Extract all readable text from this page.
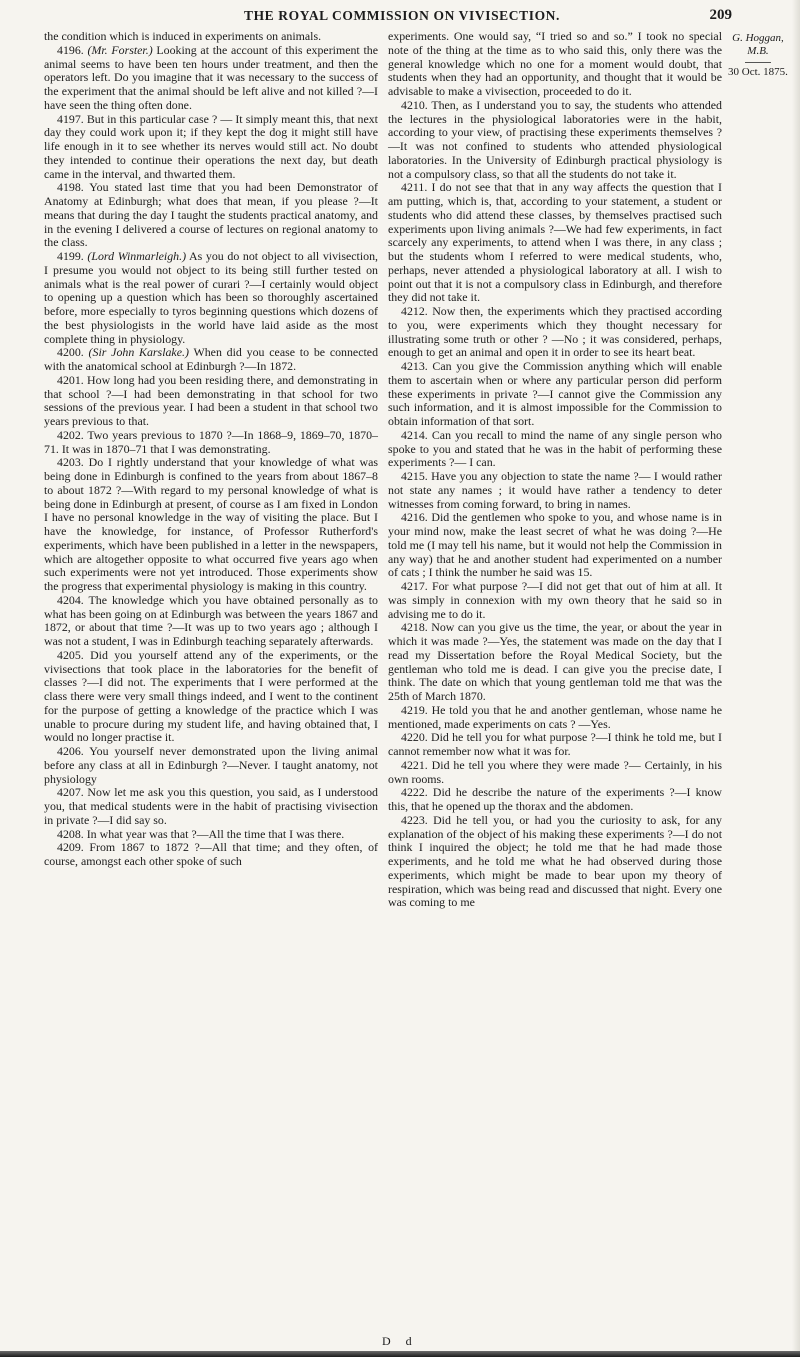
THE ROYAL COMMISSION ON VIVISECTION.	209

the condition which is induced in experiments on animals.

4196. (Mr. Forster.) Looking at the account of this experiment the animal seems to have been ten hours under treatment, and then the operators left. Do you imagine that it was necessary to the success of the experiment that the animal should be left alive and not killed ?—I have seen the thing often done.

4197. But in this particular case ? — It simply meant this, that next day they could work upon it; if they kept the dog it might still have life enough in it to see whether its nerves would still act. No doubt they intended to continue their operations the next day, but death came in the interval, and thwarted them.

4198. You stated last time that you had been Demonstrator of Anatomy at Edinburgh; what does that mean, if you please ?—It means that during the day I taught the students practical anatomy, and in the evening I delivered a course of lectures on regional anatomy to the class.

4199. (Lord Winmarleigh.) As you do not object to all vivisection, I presume you would not object to its being still further tested on animals what is the real power of curari ?—I certainly would object to opening up a question which has been so thoroughly ascertained before, more especially to tyros beginning questions which dozens of the best physiologists in the world have laid aside as the most complete thing in physiology.

4200. (Sir John Karslake.) When did you cease to be connected with the anatomical school at Edinburgh ?—In 1872.

4201. How long had you been residing there, and demonstrating in that school ?—I had been demonstrating in that school for two sessions of the previous year. I had been a student in that school two years previous to that.

4202. Two years previous to 1870 ?—In 1868–9, 1869–70, 1870–71. It was in 1870–71 that I was demonstrating.

4203. Do I rightly understand that your knowledge of what was being done in Edinburgh is confined to the years from about 1867–8 to about 1872 ?—With regard to my personal knowledge of what is being done in Edinburgh at present, of course as I am fixed in London I have no personal knowledge in the way of visiting the place. But I have the knowledge, for instance, of Professor Rutherford's experiments, which have been published in a letter in the newspapers, which are altogether opposite to what occurred five years ago when such experiments were not yet introduced. Those experiments show the progress that experimental physiology is making in this country.

4204. The knowledge which you have obtained personally as to what has been going on at Edinburgh was between the years 1867 and 1872, or about that time ?—It was up to two years ago ; although I was not a student, I was in Edinburgh teaching separately afterwards.

4205. Did you yourself attend any of the experiments, or the vivisections that took place in the laboratories for the benefit of classes ?—I did not. The experiments that I were performed at the class there were very small things indeed, and I went to the continent for the purpose of getting a knowledge of the practice which I was unable to procure during my student life, and having obtained that, I would no longer practise it.

4206. You yourself never demonstrated upon the living animal before any class at all in Edinburgh ?—Never. I taught anatomy, not physiology

4207. Now let me ask you this question, you said, as I understood you, that medical students were in the habit of practising vivisection in private ?—I did say so.

4208. In what year was that ?—All the time that I was there.

4209. From 1867 to 1872 ?—All that time; and they often, of course, amongst each other spoke of such

experiments. One would say, “I tried so and so.” I took no special note of the thing at the time as to who said this, only there was the general knowledge which no one for a moment would doubt, that students when they had an opportunity, and thought that it would be advisable to make a vivisection, proceeded to do it.

4210. Then, as I understand you to say, the students who attended the lectures in the physiological laboratories were in the habit, according to your view, of practising these experiments themselves ?—It was not confined to students who attended physiological laboratories. In the University of Edinburgh practical physiology is not a compulsory class, so that all the students do not take it.

4211. I do not see that that in any way affects the question that I am putting, which is, that, according to your statement, a student or students who did attend these classes, by themselves practised such experiments upon living animals ?—We had few experiments, in fact scarcely any experiments, to attend when I was there, in any class ; but the students whom I referred to were medical students, who, perhaps, never attended a physiological laboratory at all. I wish to point out that it is not a compulsory class in Edinburgh, and therefore they did not take it.

4212. Now then, the experiments which they practised according to you, were experiments which they thought necessary for illustrating some truth or other ? —No ; it was considered, perhaps, enough to get an animal and open it in order to see its heart beat.

4213. Can you give the Commission anything which will enable them to ascertain when or where any particular person did perform these experiments in private ?—I cannot give the Commission any such information, and it is almost impossible for the Commission to obtain information of that sort.

4214. Can you recall to mind the name of any single person who spoke to you and stated that he was in the habit of performing these experiments ?— I can.

4215. Have you any objection to state the name ?— I would rather not state any names ; it would have rather a tendency to deter witnesses from coming forward, to bring in names.

4216. Did the gentlemen who spoke to you, and whose name is in your mind now, make the least secret of what he was doing ?—He told me (I may tell his name, but it would not help the Commission in any way) that he and another student had experimented on a number of cats ; I think the number he said was 15.

4217. For what purpose ?—I did not get that out of him at all. It was simply in connexion with my own theory that he said so in advising me to do it.

4218. Now can you give us the time, the year, or about the year in which it was made ?—Yes, the statement was made on the day that I read my Dissertation before the Royal Medical Society, but the gentleman who told me is dead. I can give you the precise date, I think. The date on which that young gentleman told me that was the 25th of March 1870.

4219. He told you that he and another gentleman, whose name he mentioned, made experiments on cats ? —Yes.

4220. Did he tell you for what purpose ?—I think he told me, but I cannot remember now what it was for.

4221. Did he tell you where they were made ?— Certainly, in his own rooms.

4222. Did he describe the nature of the experiments ?—I know this, that he opened up the thorax and the abdomen.

4223. Did he tell you, or had you the curiosity to ask, for any explanation of the object of his making these experiments ?—I do not think I inquired the object; he told me that he had made those experiments, and he told me what he had observed during those experiments, which might be made to bear upon my theory of respiration, which was being read and discussed that night. Every one was coming to me

G. Hoggan, M.B.
30 Oct. 1875.
D d
